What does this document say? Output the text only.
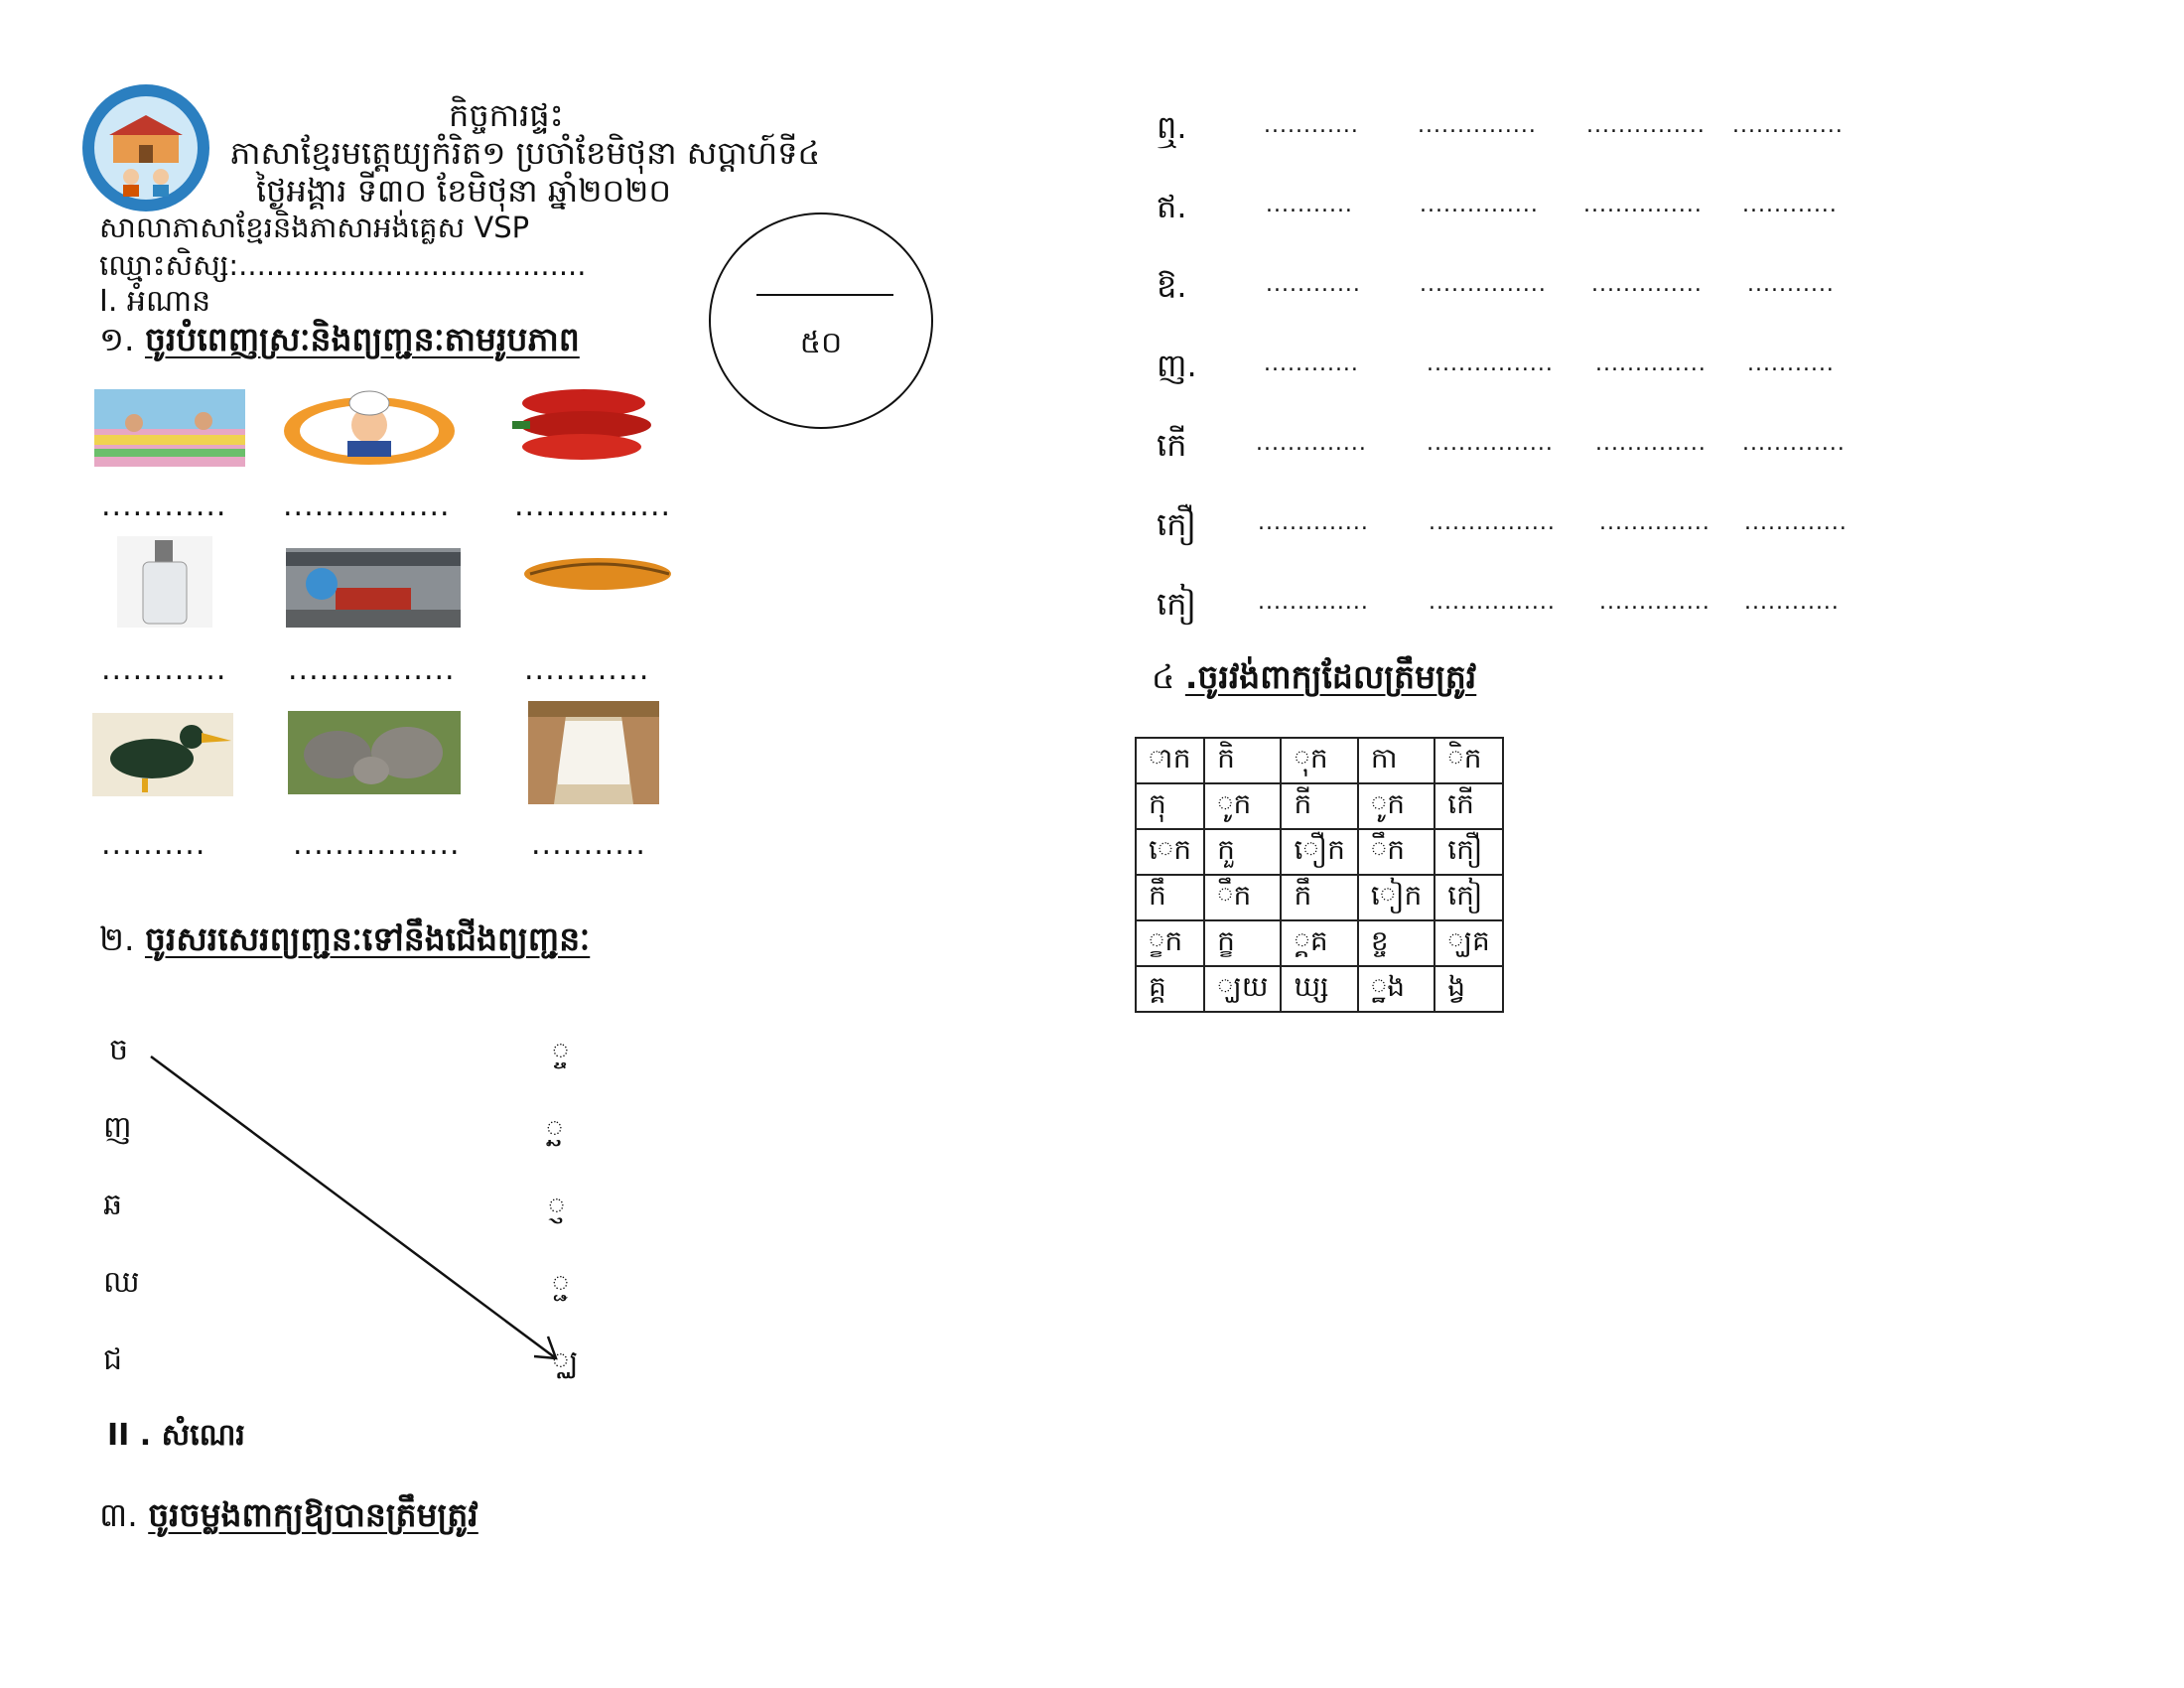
កិច្ចការផ្ទះ
ភាសាខ្មែរមត្តេយ្យកំរិត១ ប្រចាំខែមិថុនា សប្ដាហ៍ទី៤
ថ្ងៃអង្គារ ទី៣០ ខែមិថុនា ឆ្នាំ២០២០
សាលាភាសាខ្មែរនិងភាសាអង់គ្លេស VSP
ឈ្មោះសិស្ស:......................................
I. អំណាន
៥០
១. ចូរបំពេញស្រៈនិងព្យញ្ជនៈតាមរូបភាព
............ ................ ...............
............ ................ ............
..........	................ ...........
២. ចូរសរសេរព្យញ្ជនៈទៅនឹងជើងព្យញ្ជនៈ
ច
ញ
ឆ
ឈ
ជ
្ច
្ឆ
្ញ
្ជ
្ឈ
II . សំណេរ
៣. ចូរចម្លងពាក្យឱ្យបានត្រឹមត្រូវ
ឮ.	............	............... ............... ..............
ឥ.	...........	............... ............... ............
ឱ.	............	................ .............. ...........
ញ.	............	................ .............. ...........
កើ	..............	................ .............. .............
កឿ	..............	................ .............. .............
កៀ	..............	................ .............. ............
៤ .ចូរវង់ពាក្យដែលត្រឹមត្រូវ
ាក	កិ	ុក	កា	ិក
កុ	ូក	កី	ូក	កើ
េក	កួ	ឿក	ឹក	កឿ
កឹ	ឹក	កឹ	ៀក	កៀ
្ខក	ក្ខ	្គគ	ខ្ច	្ឃគ
គ្គ	្ឃយ	ឃ្ស	្ឋង	ង្វ
